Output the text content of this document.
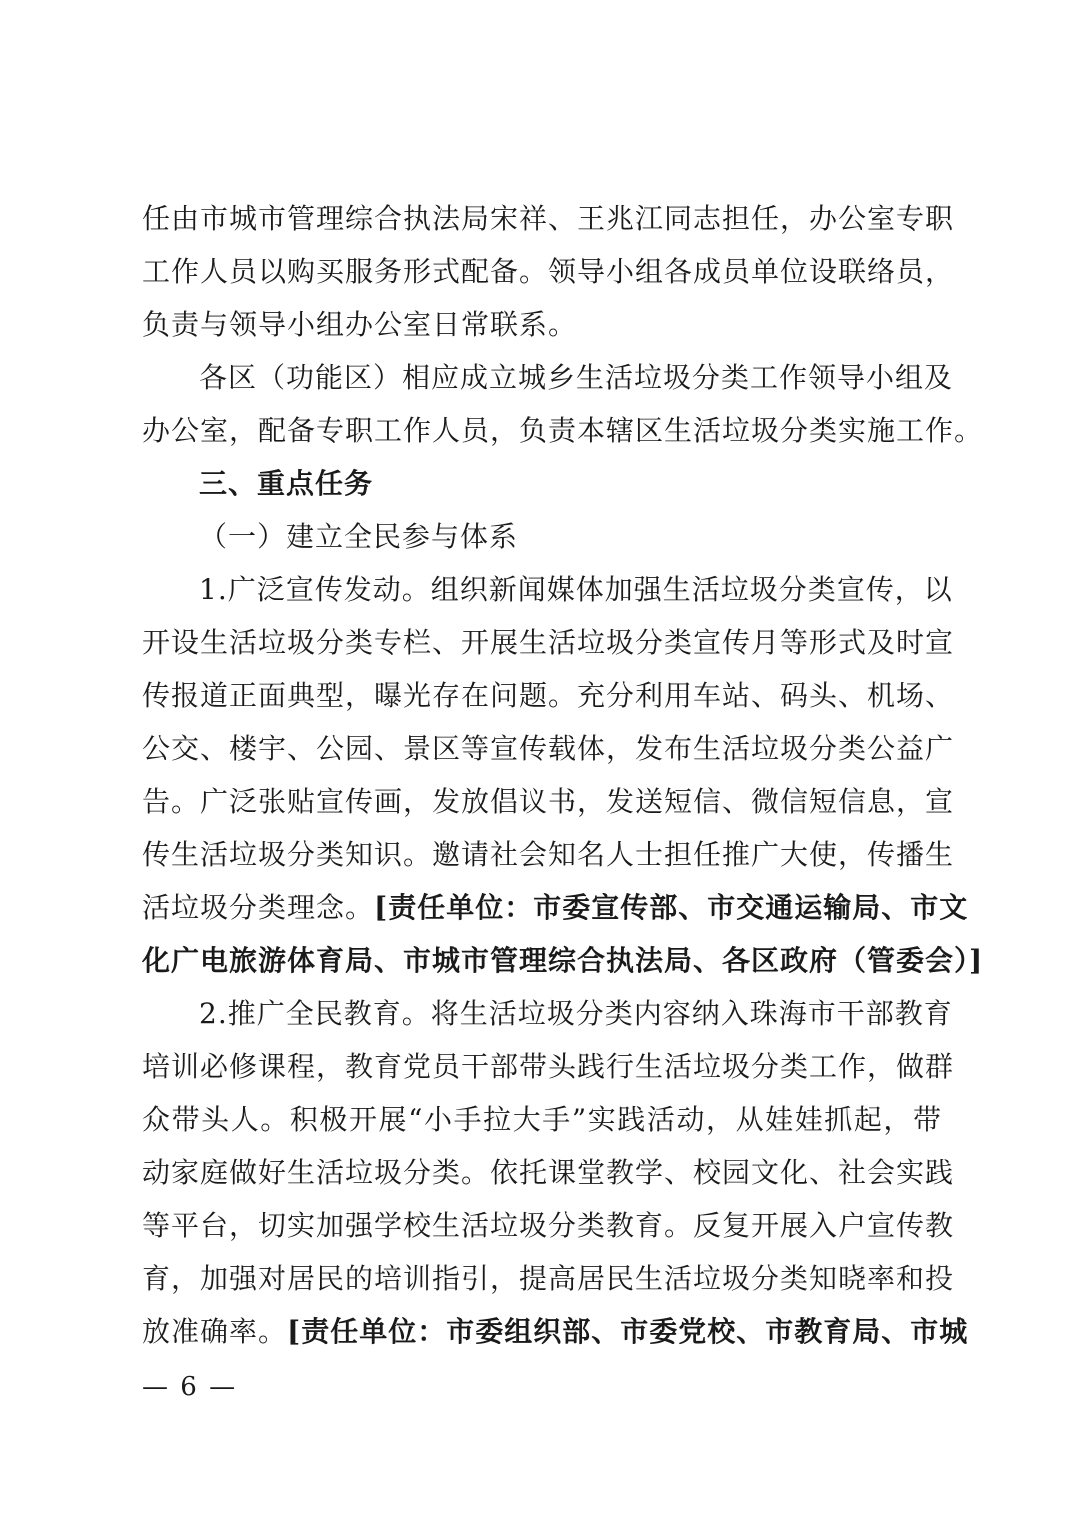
任由市城市管理综合执法局宋祥、王兆江同志担任，办公室专职
工作人员以购买服务形式配备。领导小组各成员单位设联络员，
负责与领导小组办公室日常联系。
各区（功能区）相应成立城乡生活垃圾分类工作领导小组及
办公室，配备专职工作人员，负责本辖区生活垃圾分类实施工作。
三、重点任务
（一）建立全民参与体系
1.广泛宣传发动。组织新闻媒体加强生活垃圾分类宣传，以
开设生活垃圾分类专栏、开展生活垃圾分类宣传月等形式及时宣
传报道正面典型，曝光存在问题。充分利用车站、码头、机场、
公交、楼宇、公园、景区等宣传载体，发布生活垃圾分类公益广
告。广泛张贴宣传画，发放倡议书，发送短信、微信短信息，宣
传生活垃圾分类知识。邀请社会知名人士担任推广大使，传播生
活垃圾分类理念。[责任单位：市委宣传部、市交通运输局、市文
化广电旅游体育局、市城市管理综合执法局、各区政府（管委会）]
2.推广全民教育。将生活垃圾分类内容纳入珠海市干部教育
培训必修课程，教育党员干部带头践行生活垃圾分类工作，做群
众带头人。积极开展“小手拉大手”实践活动，从娃娃抓起，带
动家庭做好生活垃圾分类。依托课堂教学、校园文化、社会实践
等平台，切实加强学校生活垃圾分类教育。反复开展入户宣传教
育，加强对居民的培训指引，提高居民生活垃圾分类知晓率和投
放准确率。[责任单位：市委组织部、市委党校、市教育局、市城
— 6 —
